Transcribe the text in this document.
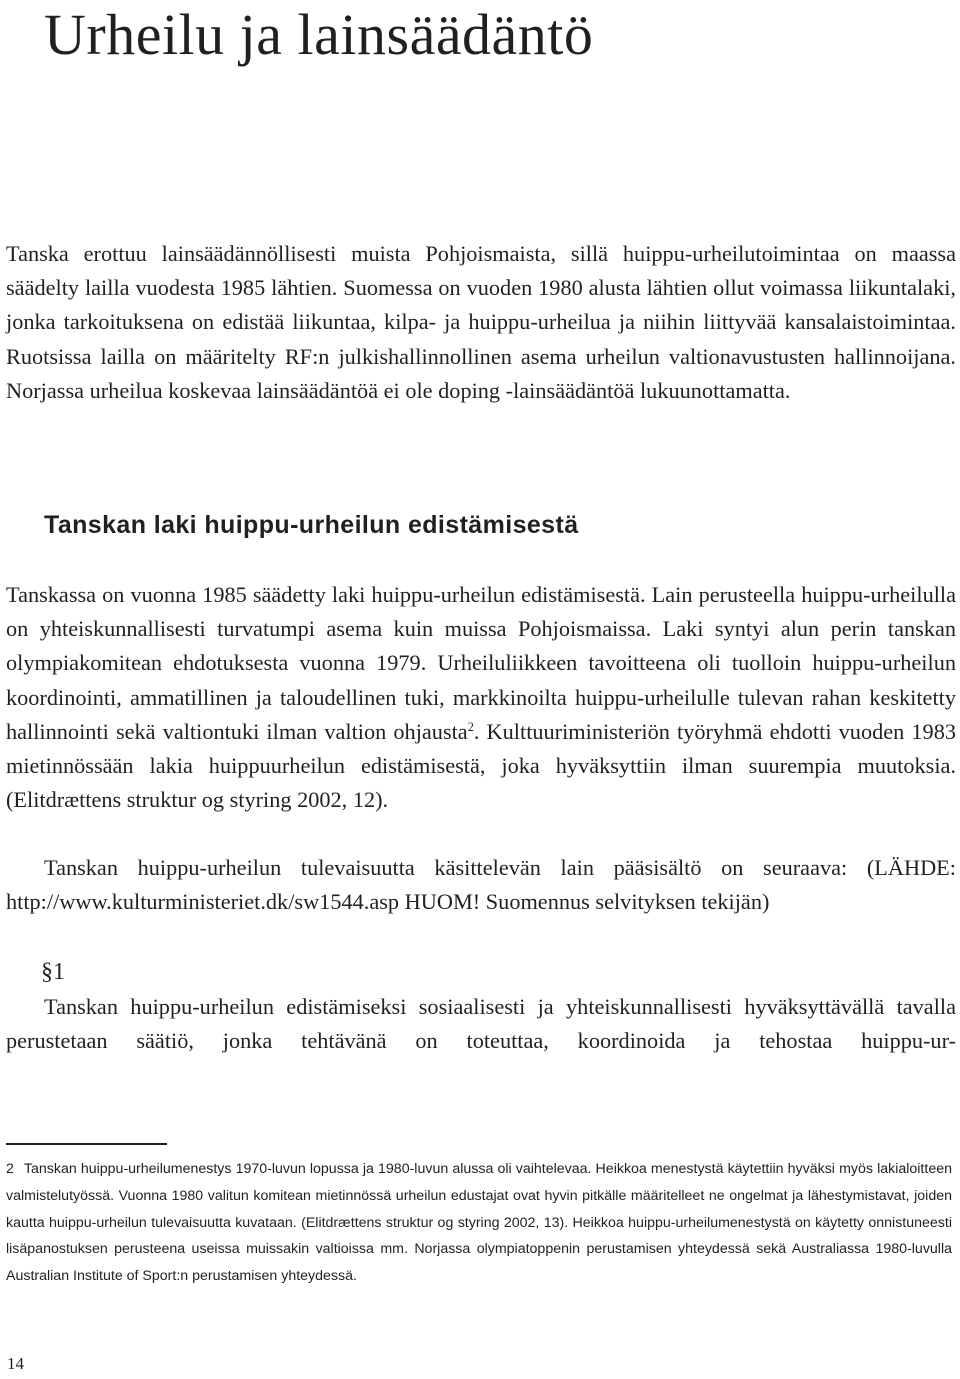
Urheilu ja lainsäädäntö

Tanska erottuu lainsäädännöllisesti muista Pohjoismaista, sillä huippu-urheilutoimintaa on maassa säädelty lailla vuodesta 1985 lähtien. Suomessa on vuoden 1980 alusta lähtien ollut voimassa liikuntalaki, jonka tarkoituksena on edistää liikuntaa, kilpa- ja huippu-urheilua ja niihin liittyvää kansalaistoimintaa. Ruotsissa lailla on määritelty RF:n julkishallinnollinen asema urheilun valtionavustusten hallinnoijana. Norjassa urheilua koskevaa lainsäädäntöä ei ole doping -lainsäädäntöä lukuunottamatta.

Tanskan laki huippu-urheilun edistämisestä

Tanskassa on vuonna 1985 säädetty laki huippu-urheilun edistämisestä. Lain perusteella huippu-urheilulla on yhteiskunnallisesti turvatumpi asema kuin muissa Pohjoismaissa. Laki syntyi alun perin tanskan olympiakomitean ehdotuksesta vuonna 1979. Urheiluliikkeen tavoitteena oli tuolloin huippu-urheilun koordinointi, ammatillinen ja taloudellinen tuki, markkinoilta huippu-urheilulle tulevan rahan keskitetty hallinnointi sekä valtiontuki ilman valtion ohjausta$^2$. Kulttuuriministeriön työryhmä ehdotti vuoden 1983 mietinnössään lakia huippuurheilun edistämisestä, joka hyväksyttiin ilman suurempia muutoksia. (Elitdrættens struktur og styring 2002, 12).

Tanskan huippu-urheilun tulevaisuutta käsittelevän lain pääsisältö on seuraava: (LÄHDE: http://www.kulturministeriet.dk/sw1544.asp HUOM! Suomennus selvityksen tekijän)

§1

Tanskan huippu-urheilun edistämiseksi sosiaalisesti ja yhteiskunnallisesti hyväksyttävällä tavalla perustetaan säätiö, jonka tehtävänä on toteuttaa, koordinoida ja tehostaa huippu-ur-

2 Tanskan huippu-urheilumenestys 1970-luvun lopussa ja 1980-luvun alussa oli vaihtelevaa. Heikkoa menestystä käytettiin hyväksi myös lakialoitteen valmistelutyössä. Vuonna 1980 valitun komitean mietinnössä urheilun edustajat ovat hyvin pitkälle määritelleet ne ongelmat ja lähestymistavat, joiden kautta huippu-urheilun tulevaisuutta kuvataan. (Elitdrættens struktur og styring 2002, 13). Heikkoa huippu-urheilumenestystä on käytetty onnistuneesti lisäpanostuksen perusteena useissa muissakin valtioissa mm. Norjassa olympiatoppenin perustamisen yhteydessä sekä Australiassa 1980-luvulla Australian Institute of Sport:n perustamisen yhteydessä.

14
